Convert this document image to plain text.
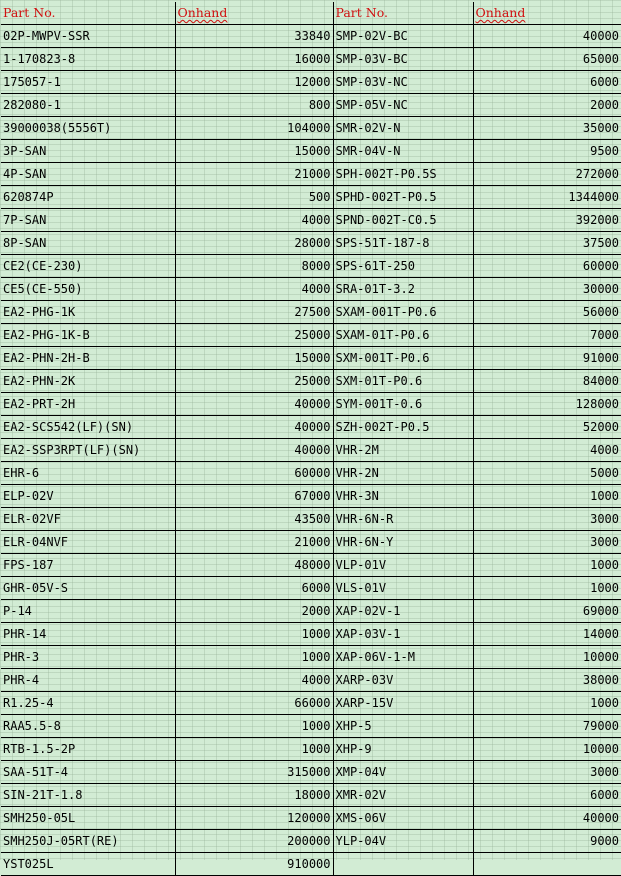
Part No.	Onhand	Part No.	Onhand
02P-MWPV-SSR	33840	SMP-02V-BC	40000
1-170823-8	16000	SMP-03V-BC	65000
175057-1	12000	SMP-03V-NC	6000
282080-1	800	SMP-05V-NC	2000
39000038(5556T)	104000	SMR-02V-N	35000
3P-SAN	15000	SMR-04V-N	9500
4P-SAN	21000	SPH-002T-P0.5S	272000
620874P	500	SPHD-002T-P0.5	1344000
7P-SAN	4000	SPND-002T-C0.5	392000
8P-SAN	28000	SPS-51T-187-8	37500
CE2(CE-230)	8000	SPS-61T-250	60000
CE5(CE-550)	4000	SRA-01T-3.2	30000
EA2-PHG-1K	27500	SXAM-001T-P0.6	56000
EA2-PHG-1K-B	25000	SXAM-01T-P0.6	7000
EA2-PHN-2H-B	15000	SXM-001T-P0.6	91000
EA2-PHN-2K	25000	SXM-01T-P0.6	84000
EA2-PRT-2H	40000	SYM-001T-0.6	128000
EA2-SCS542(LF)(SN)	40000	SZH-002T-P0.5	52000
EA2-SSP3RPT(LF)(SN)	40000	VHR-2M	4000
EHR-6	60000	VHR-2N	5000
ELP-02V	67000	VHR-3N	1000
ELR-02VF	43500	VHR-6N-R	3000
ELR-04NVF	21000	VHR-6N-Y	3000
FPS-187	48000	VLP-01V	1000
GHR-05V-S	6000	VLS-01V	1000
P-14	2000	XAP-02V-1	69000
PHR-14	1000	XAP-03V-1	14000
PHR-3	1000	XAP-06V-1-M	10000
PHR-4	4000	XARP-03V	38000
R1.25-4	66000	XARP-15V	1000
RAA5.5-8	1000	XHP-5	79000
RTB-1.5-2P	1000	XHP-9	10000
SAA-51T-4	315000	XMP-04V	3000
SIN-21T-1.8	18000	XMR-02V	6000
SMH250-05L	120000	XMS-06V	40000
SMH250J-05RT(RE)	200000	YLP-04V	9000
YST025L	910000		
